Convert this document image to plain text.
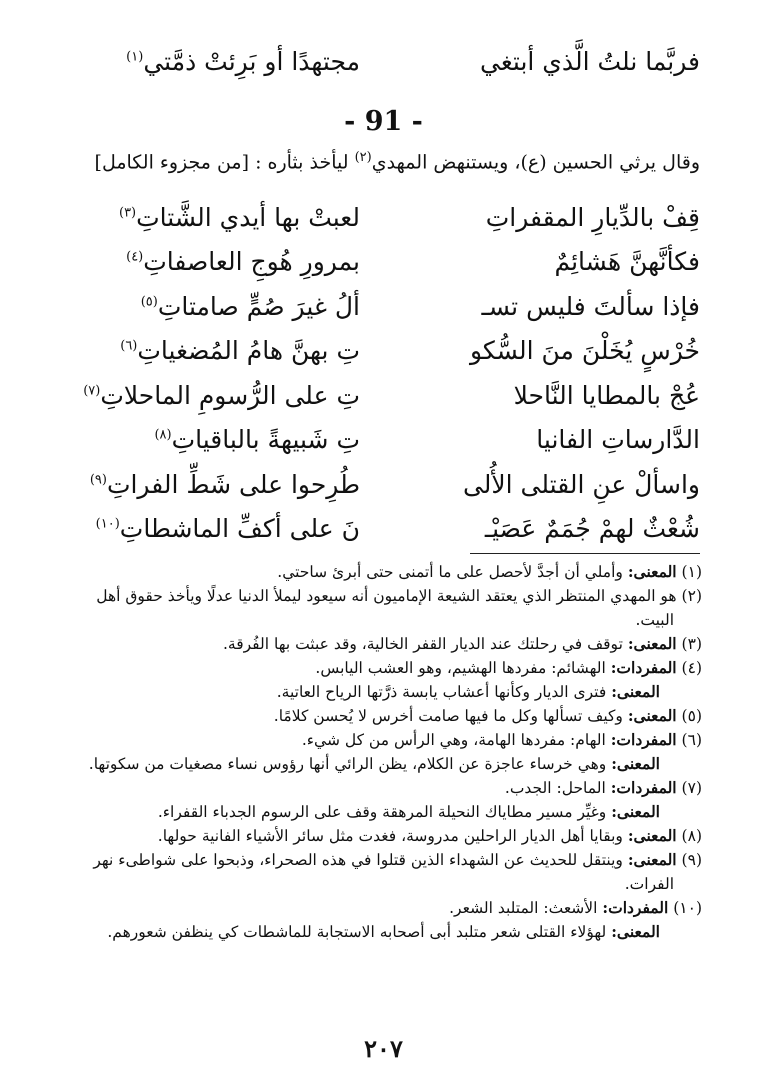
فربَّما نلتُ الَّذي أبتغي
مجتهدًا أو بَرِئتْ ذمَّتي$^{(١)}$
- 91 -
وقال يرثي الحسين (ع)، ويستنهض المهدي$^{(٢)}$ ليأخذ بثأره : [من مجزوء الكامل]
قِفْ بالدِّيارِ المقفراتِ
لعبتْ بها أيدي الشَّتاتِ$^{(٣)}$
فكأنَّهنَّ هَشائِمٌ
بمرورِ هُوجِ العاصفاتِ$^{(٤)}$
فإذا سألتَ فليس تسـ
ألُ غيرَ صُمٍّ صامتاتِ$^{(٥)}$
خُرْسٍ يُخَلْنَ منَ السُّكو
تِ بهنَّ هامُ المُضغياتِ$^{(٦)}$
عُجْ بالمطايا النَّاحلا
تِ على الرُّسومِ الماحلاتِ$^{(٧)}$
الدَّارساتِ الفانيا
تِ شَبيهةً بالباقياتِ$^{(٨)}$
واسألْ عنِ القتلى الأُلى
طُرِحوا على شَطِّ الفراتِ$^{(٩)}$
شُعْثٌ لهمْ جُمَمٌ عَصَيْـ
نَ على أكفِّ الماشطاتِ$^{(١٠)}$

(١) المعنى: وأملي أن أجدَّ لأحصل على ما أتمنى حتى أبرئ ساحتي.

(٢) هو المهدي المنتظر الذي يعتقد الشيعة الإماميون أنه سيعود ليملأ الدنيا عدلًا ويأخذ حقوق أهل البيت.

(٣) المعنى: توقف في رحلتك عند الديار القفر الخالية، وقد عبثت بها الفُرقة.

(٤) المفردات: الهشائم: مفردها الهشيم، وهو العشب اليابس.

المعنى: فترى الديار وكأنها أعشاب يابسة ذرَّتها الرياح العاتية.

(٥) المعنى: وكيف تسألها وكل ما فيها صامت أخرس لا يُحسن كلامًا.

(٦) المفردات: الهام: مفردها الهامة، وهي الرأس من كل شيء.

المعنى: وهي خرساء عاجزة عن الكلام، يظن الرائي أنها رؤوس نساء مصغيات من سكوتها.

(٧) المفردات: الماحل: الجدب.

المعنى: وغيِّر مسير مطاياك النحيلة المرهقة وقف على الرسوم الجدباء القفراء.

(٨) المعنى: وبقايا أهل الديار الراحلين مدروسة، فغدت مثل سائر الأشياء الفانية حولها.

(٩) المعنى: وينتقل للحديث عن الشهداء الذين قتلوا في هذه الصحراء، وذبحوا على شواطىء نهر الفرات.

(١٠) المفردات: الأشعث: المتلبد الشعر.

المعنى: لهؤلاء القتلى شعر متلبد أبى أصحابه الاستجابة للماشطات كي ينظفن شعورهم.

٢٠٧
